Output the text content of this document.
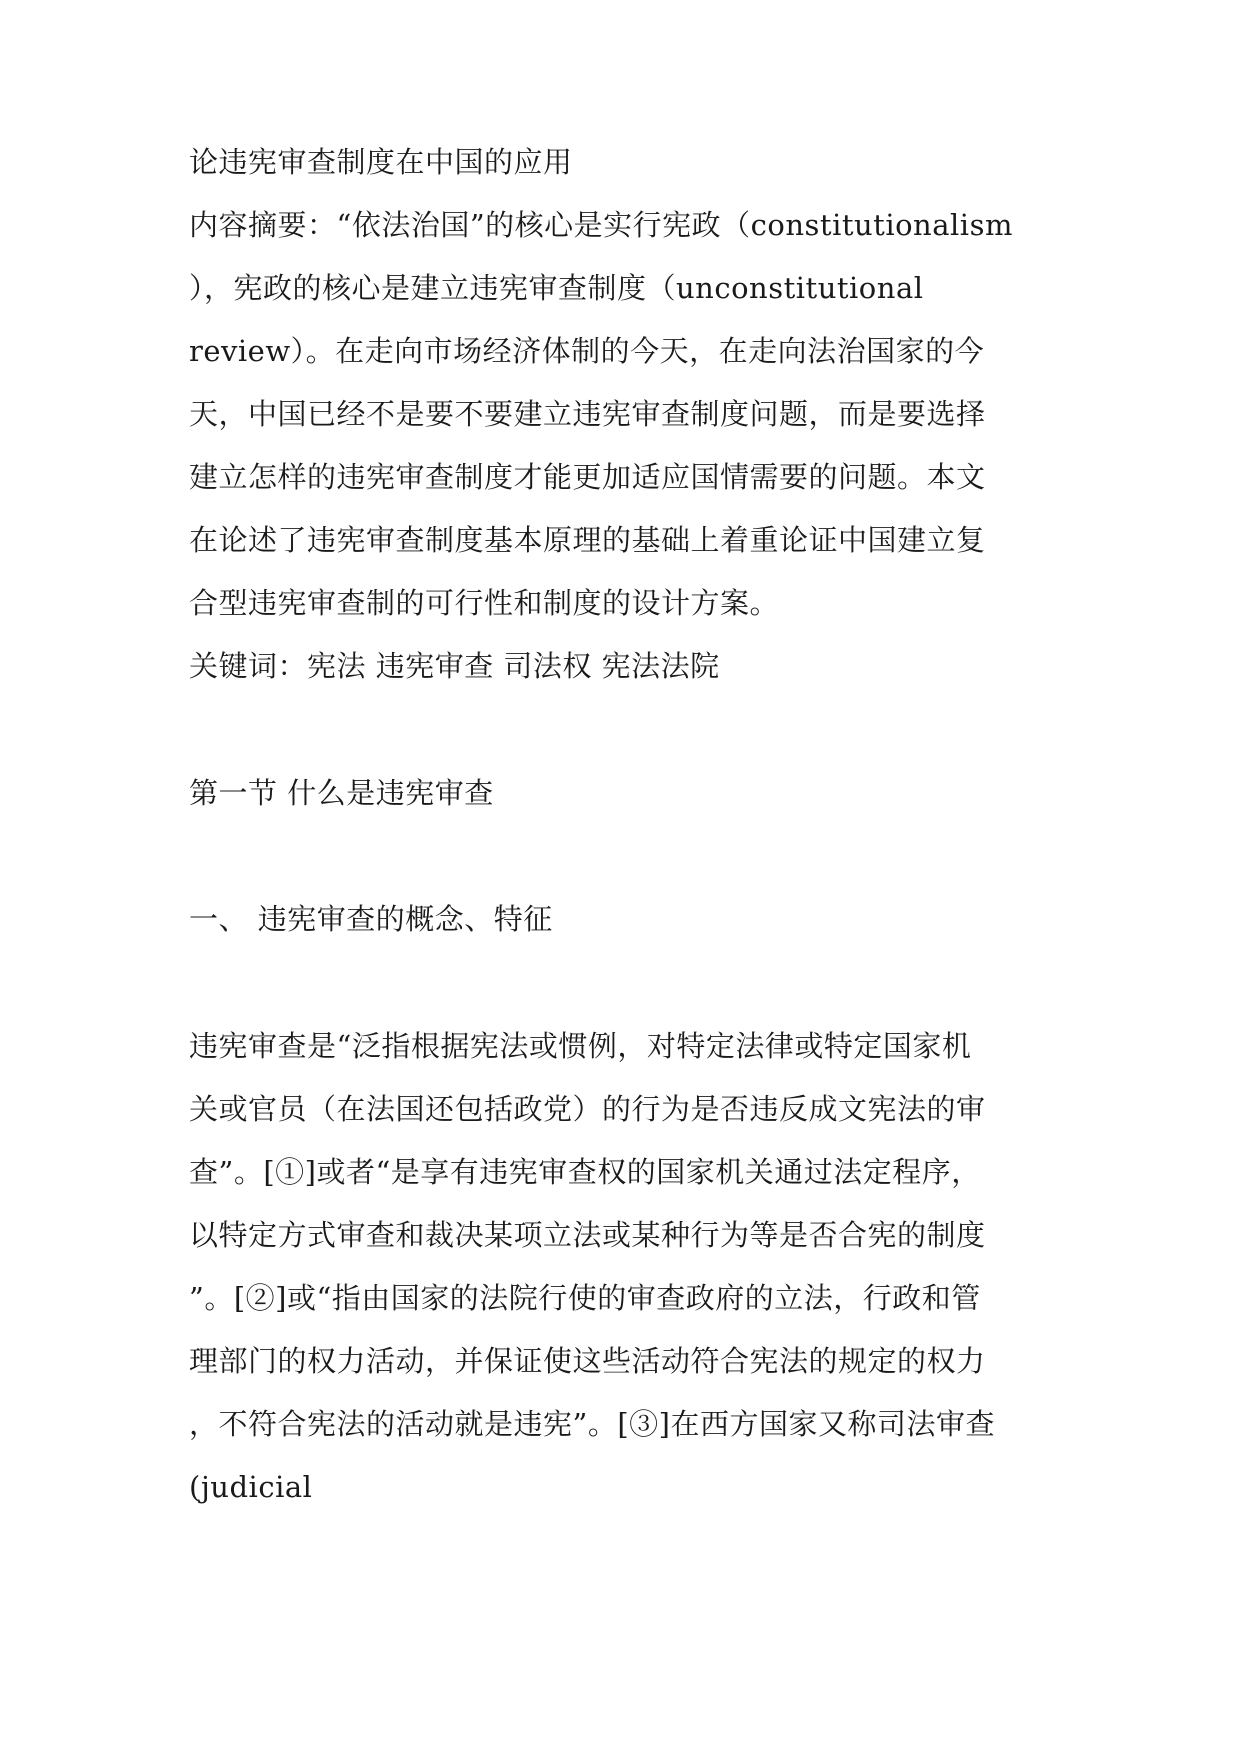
论违宪审查制度在中国的应用
内容摘要：“依法治国”的核心是实行宪政（constitutionalism
），宪政的核心是建立违宪审查制度（unconstitutional
review）。在走向市场经济体制的今天，在走向法治国家的今
天，中国已经不是要不要建立违宪审查制度问题，而是要选择
建立怎样的违宪审查制度才能更加适应国情需要的问题。本文
在论述了违宪审查制度基本原理的基础上着重论证中国建立复
合型违宪审查制的可行性和制度的设计方案。
关键词：宪法 违宪审查 司法权 宪法法院
第一节 什么是违宪审查
一、 违宪审查的概念、特征
违宪审查是“泛指根据宪法或惯例，对特定法律或特定国家机
关或官员（在法国还包括政党）的行为是否违反成文宪法的审
查”。[①]或者“是享有违宪审查权的国家机关通过法定程序，
以特定方式审查和裁决某项立法或某种行为等是否合宪的制度
”。[②]或“指由国家的法院行使的审查政府的立法，行政和管
理部门的权力活动，并保证使这些活动符合宪法的规定的权力
，不符合宪法的活动就是违宪”。[③]在西方国家又称司法审查
(judicial
